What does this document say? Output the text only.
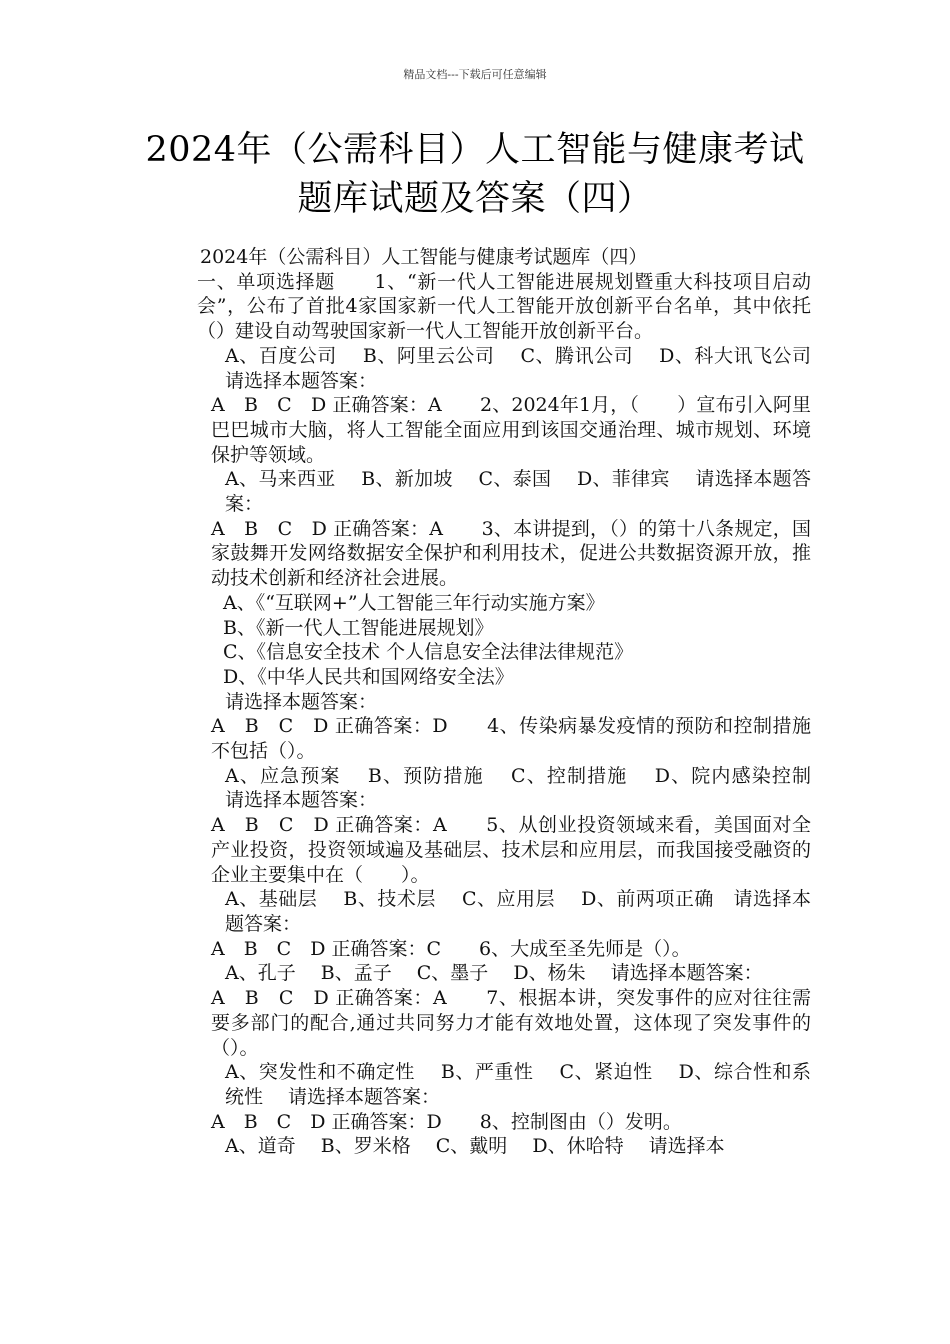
精品文档---下载后可任意编辑
2024年（公需科目）人工智能与健康考试题库试题及答案（四）

2024年（公需科目）人工智能与健康考试题库（四）

一、单项选择题　　1、“新一代人工智能进展规划暨重大科技项目启动会”，公布了首批4家国家新一代人工智能开放创新平台名单，其中依托（）建设自动驾驶国家新一代人工智能开放创新平台。

A、百度公司　 B、阿里云公司　 C、腾讯公司　 D、科大讯飞公司　 请选择本题答案：

A　B　C　D 正确答案：A　　2、2024年1月，（　　）宣布引入阿里巴巴城市大脑，将人工智能全面应用到该国交通治理、城市规划、环境保护等领域。

A、马来西亚　 B、新加坡　 C、泰国　 D、菲律宾　 请选择本题答案：

A　B　C　D 正确答案：A　　3、本讲提到，（）的第十八条规定，国家鼓舞开发网络数据安全保护和利用技术，促进公共数据资源开放，推动技术创新和经济社会进展。

A、《“互联网+”人工智能三年行动实施方案》

B、《新一代人工智能进展规划》

C、《信息安全技术 个人信息安全法律法律规范》

D、《中华人民共和国网络安全法》

请选择本题答案：

A　B　C　D 正确答案：D　　4、传染病暴发疫情的预防和控制措施不包括（）。

A、应急预案　 B、预防措施　 C、控制措施　 D、院内感染控制　 请选择本题答案：

A　B　C　D 正确答案：A　　5、从创业投资领域来看，美国面对全产业投资，投资领域遍及基础层、技术层和应用层，而我国接受融资的企业主要集中在（　　）。

A、基础层　 B、技术层　 C、应用层　 D、前两项正确　请选择本题答案：

A　B　C　D 正确答案：C　　6、大成至圣先师是（）。

A、孔子　 B、孟子　 C、墨子　 D、杨朱　 请选择本题答案：

A　B　C　D 正确答案：A　　7、根据本讲，突发事件的应对往往需要多部门的配合,通过共同努力才能有效地处置，这体现了突发事件的（）。

A、突发性和不确定性　 B、严重性　 C、紧迫性　 D、综合性和系统性　 请选择本题答案：

A　B　C　D 正确答案：D　　8、控制图由（）发明。

A、道奇　 B、罗米格　 C、戴明　 D、休哈特　 请选择本
